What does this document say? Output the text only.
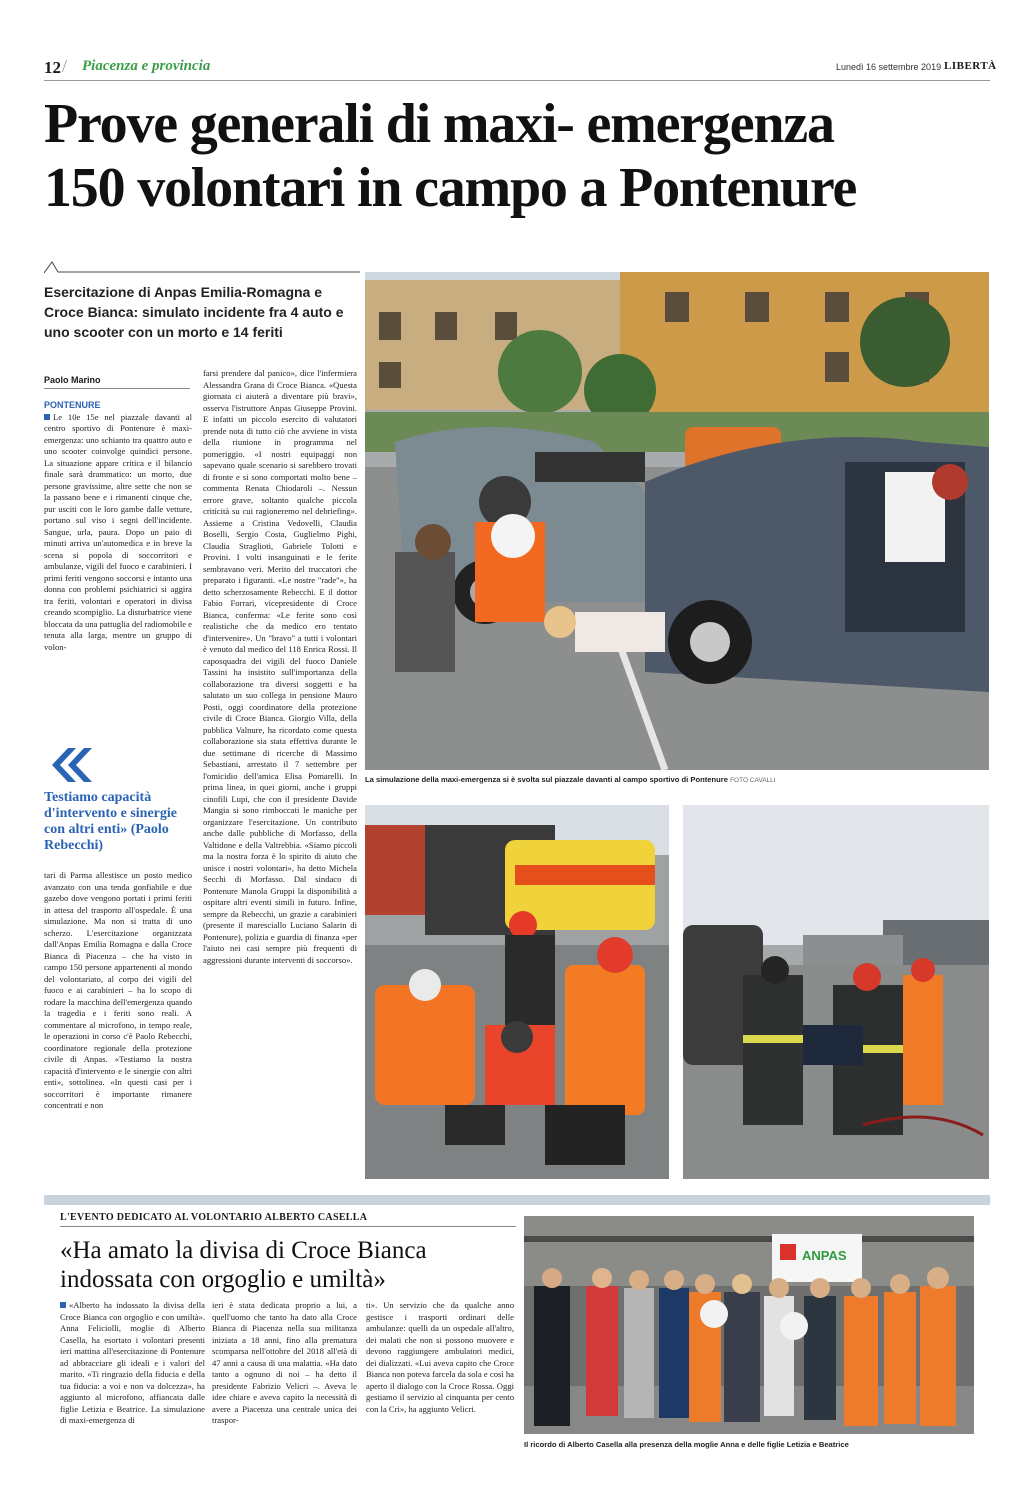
12 / Piacenza e provincia	Lunedì 16 settembre 2019 LIBERTÀ
Prove generali di maxi- emergenza
150 volontari in campo a Pontenure
Esercitazione di Anpas Emilia-Romagna e Croce Bianca: simulato incidente fra 4 auto e uno scooter con un morto e 14 feriti
Paolo Marino
PONTENURE
Le 10e 15e nel piazzale davanti al centro sportivo di Pontenure è maxi-emergenza: uno schianto tra quattro auto e uno scooter coinvolge quindici persone. La situazione appare critica e il bilancio finale sarà drammatico: un morto, due persone gravissime, altre sette che non se la passano bene e i rimanenti cinque che, pur usciti con le loro gambe dalle vetture, portano sul viso i segni dell'incidente. Sangue, urla, paura. Dopo un paio di minuti arriva un'automedica e in breve la scena si popola di soccorritori e ambulanze, vigili del fuoco e carabinieri. I primi feriti vengono soccorsi e intanto una donna con problemi psichiatrici si aggira tra feriti, volontari e operatori in divisa creando scompiglio. La disturbatrice viene bloccata da una pattuglia del radiomobile e tenuta alla larga, mentre un gruppo di volon-
Testiamo capacità d'intervento e sinergie con altri enti» (Paolo Rebecchi)
tari di Parma allestisce un posto medico avanzato con una tenda gonfiabile e due gazebo dove vengono portati i primi feriti in attesa del trasporto all'ospedale. È una simulazione. Ma non si tratta di uno scherzo. L'esercitazione organizzata dall'Anpas Emilia Romagna e dalla Croce Bianca di Piacenza – che ha visto in campo 150 persone appartenenti al mondo del volontariato, al corpo dei vigili del fuoco e ai carabinieri – ha lo scopo di rodare la macchina dell'emergenza quando la tragedia e i feriti sono reali. A commentare al microfono, in tempo reale, le operazioni in corso c'è Paolo Rebecchi, coordinatore regionale della protezione civile di Anpas. «Testiamo la nostra capacità d'intervento e le sinergie con altri enti», sottolinea. «In questi casi per i soccorritori è importante rimanere concentrati e non
farsi prendere dal panico», dice l'infermiera Alessandra Grana di Croce Bianca. «Questa giornata ci aiuterà a diventare più bravi», osserva l'istruttore Anpas Giuseppe Provini. E infatti un piccolo esercito di valutatori prende nota di tutto ciò che avviene in vista della riunione in programma nel pomeriggio. «I nostri equipaggi non sapevano quale scenario si sarebbero trovati di fronte e si sono comportati molto bene – commenta Renata Chiodaroli –. Nessun errore grave, soltanto qualche piccola criticità su cui ragioneremo nel debriefing». Assieme a Cristina Vedovelli, Claudia Boselli, Sergio Costa, Guglielmo Pighi, Claudia Straglioti, Gabriele Tolotti e Provini. I volti insanguinati e le ferite sembravano veri. Merito del truccatori che preparato i figuranti. «Le nostre "rade"», ha detto scherzosamente Rebecchi. E il dottor Fabio Forrari, vicepresidente di Croce Bianca, conferma: «Le ferite sono così realistiche che da medico ero tentato d'intervenire». Un "bravo" a tutti i volontari è venuto dal medico del 118 Enrica Rossi. Il caposquadra dei vigili del fuoco Daniele Tassini ha insistito sull'importanza della collaborazione tra diversi soggetti e ha salutato un suo collega in pensione Mauro Posti, oggi coordinatore della protezione civile di Croce Bianca. Giorgio Villa, della pubblica Valnure, ha ricordato come questa collaborazione sia stata effettiva durante le due settimane di ricerche di Massimo Sebastiani, arrestato il 7 settembre per l'omicidio dell'amica Elisa Pomarelli. In prima linea, in quei giorni, anche i gruppi cinofili Lupi, che con il presidente Davide Mangia si sono rimboccati le maniche per organizzare l'esercitazione. Un contributo anche dalle pubbliche di Morfasso, della Valtidone e della Valtrebbia. «Siamo piccoli ma la nostra forza è lo spirito di aiuto che unisce i nostri volontari», ha detto Michela Secchi di Morfasso. Dal sindaco di Pontenure Manola Gruppi la disponibilità a ospitare altri eventi simili in futuro. Infine, sempre da Rebecchi, un grazie a carabinieri (presente il maresciallo Luciano Salarin di Pontenure), polizia e guardia di finanza «per l'aiuto nei casi sempre più frequenti di aggressioni durante interventi di soccorso».
La simulazione della maxi-emergenza si è svolta sul piazzale davanti al campo sportivo di Pontenure FOTO CAVALLI
L'EVENTO DEDICATO AL VOLONTARIO ALBERTO CASELLA
«Ha amato la divisa di Croce Bianca
indossata con orgoglio e umiltà»
«Alberto ha indossato la divisa della Croce Bianca con orgoglio e con umiltà». Anna Feliciolli, moglie di Alberto Casella, ha esortato i volontari presenti ieri mattina all'esercitazione di Pontenure ad abbracciare gli ideali e i valori del marito. «Ti ringrazio della fiducia e della tua fiducia: a voi e non va dolcezza», ha aggiunto al microfono, affiancata dalle figlie Letizia e Beatrice. La simulazione di maxi-emergenza di
ieri è stata dedicata proprio a lui, a quell'uomo che tanto ha dato alla Croce Bianca di Piacenza nella sua militanza iniziata a 18 anni, fino alla prematura scomparsa nell'ottobre del 2018 all'età di 47 anni a causa di una malattia. «Ha dato tanto a ognuno di noi – ha detto il presidente Fabrizio Velicri –. Aveva le idee chiare e aveva capito la necessità di avere a Piacenza una centrale unica dei traspor-
ti». Un servizio che da qualche anno gestisce i trasporti ordinari delle ambulanze: quelli da un ospedale all'altro, dei malati che non si possono muovere e devono raggiungere ambulatori medici, dei dializzati. «Lui aveva capito che Croce Bianca non poteva farcela da sola e così ha aperto il dialogo con la Croce Rossa. Oggi gestiamo il servizio al cinquanta per cento con la Cri», ha aggiunto Velicri.
ANPAS
Il ricordo di Alberto Casella alla presenza della moglie Anna e delle figlie Letizia e Beatrice
